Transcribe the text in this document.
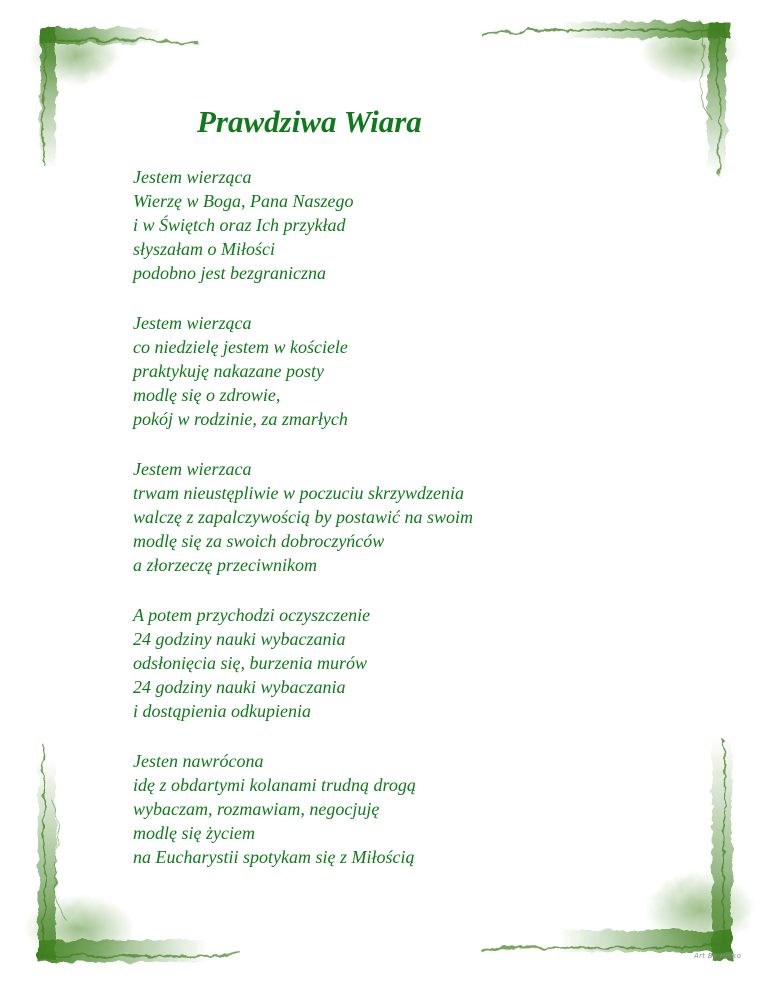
Prawdziwa Wiara
Jestem wierząca
Wierzę w Boga, Pana Naszego
i w Świętch oraz Ich przykład
słyszałam o Miłości
podobno jest bezgraniczna
Jestem wierząca
co niedzielę jestem w kościele
praktykuję nakazane posty
modlę się o zdrowie,
pokój w rodzinie, za zmarłych
Jestem wierzaca
trwam nieustępliwie w poczuciu skrzywdzenia
walczę z zapalczywością by postawić na swoim
modlę się za swoich dobroczyńców
a złorzeczę przeciwnikom
A potem przychodzi oczyszczenie
24 godziny nauki wybaczania
odsłonięcia się, burzenia murów
24 godziny nauki wybaczania
i dostąpienia odkupienia
Jesten nawrócona
idę z obdartymi kolanami trudną drogą
wybaczam, rozmawiam, negocjuję
modlę się życiem
na Eucharystii spotykam się z Miłością
Art By Halko
